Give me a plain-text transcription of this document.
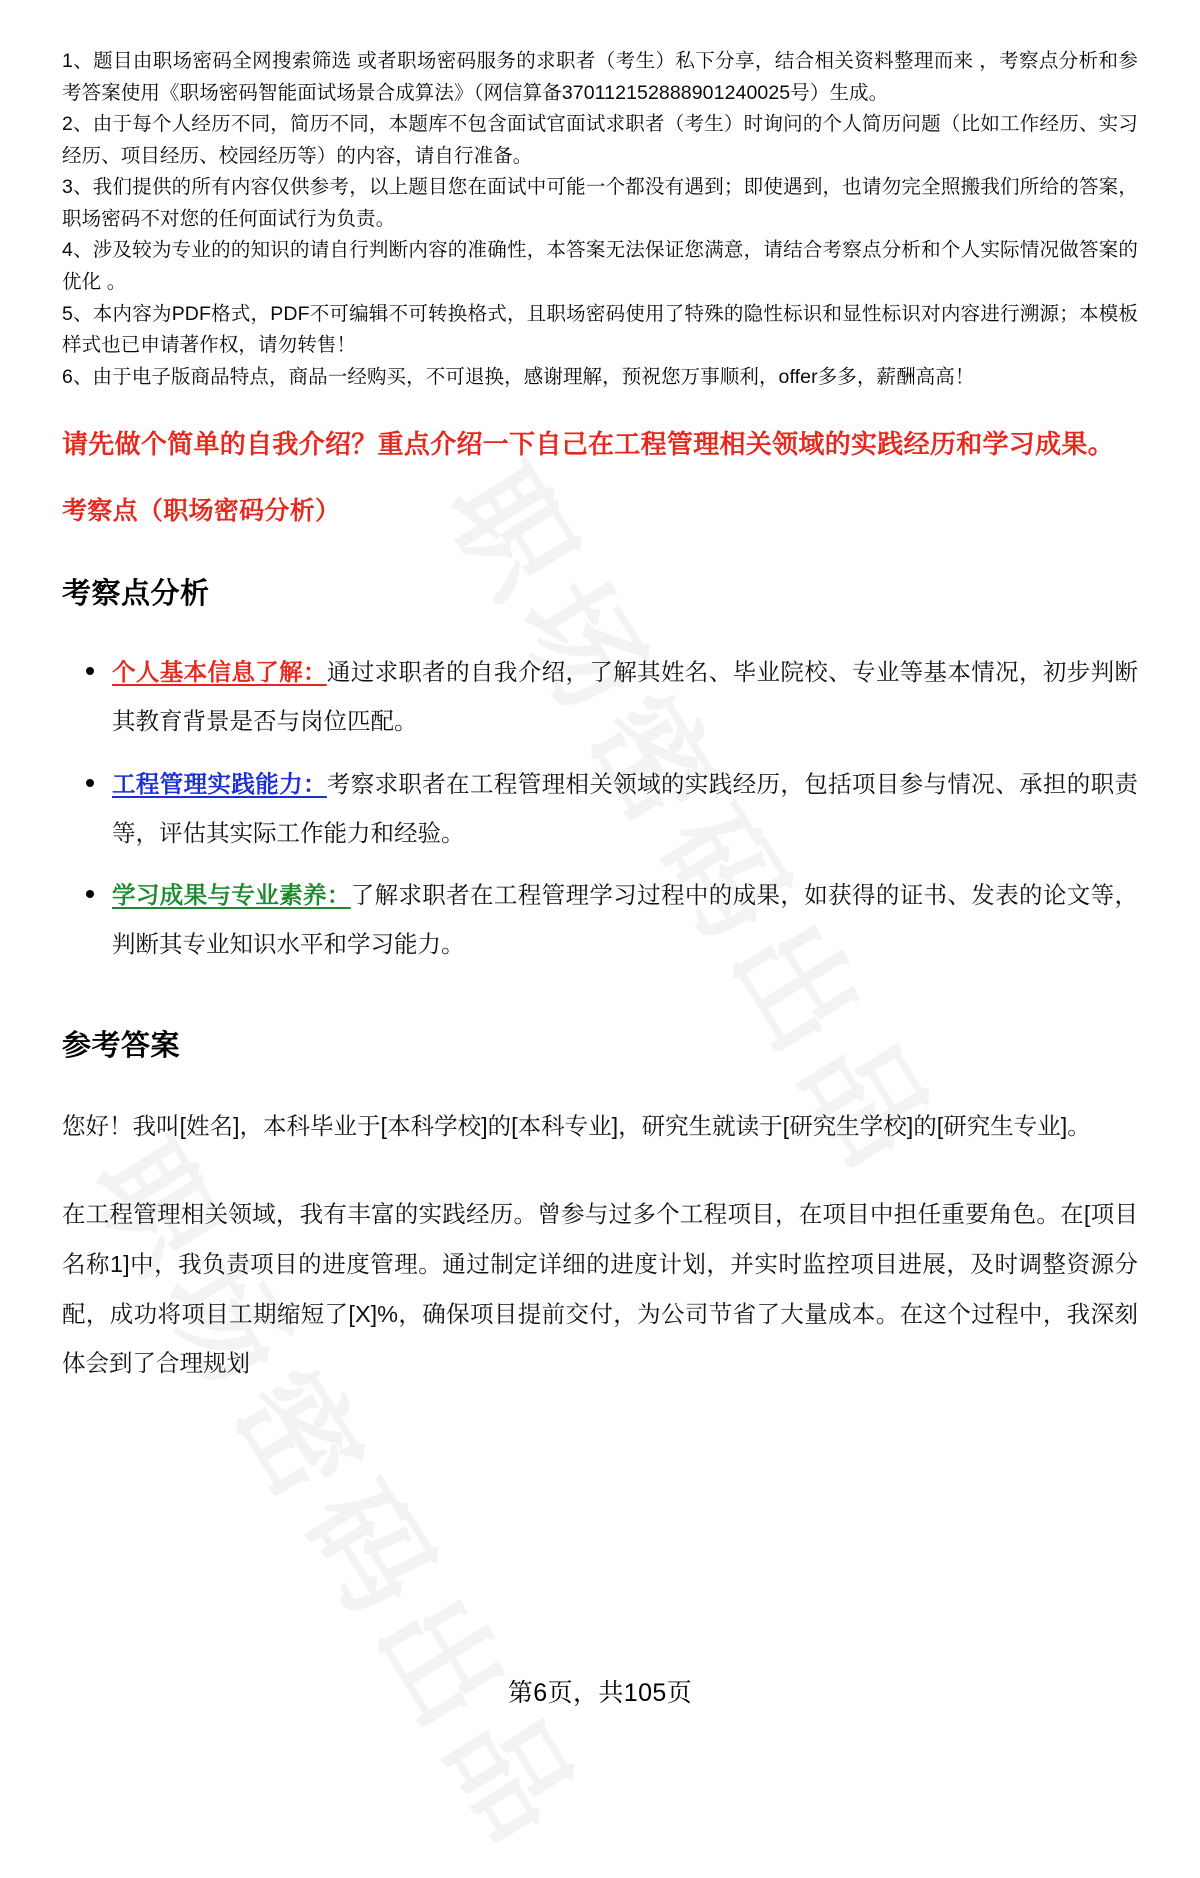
1、题目由职场密码全网搜索筛选 或者职场密码服务的求职者（考生）私下分享，结合相关资料整理而来 ，考察点分析和参考答案使用《职场密码智能面试场景合成算法》（网信算备370112152888901240025号）生成。

2、由于每个人经历不同，简历不同，本题库不包含面试官面试求职者（考生）时询问的个人简历问题（比如工作经历、实习经历、项目经历、校园经历等）的内容，请自行准备。

3、我们提供的所有内容仅供参考，以上题目您在面试中可能一个都没有遇到；即使遇到，也请勿完全照搬我们所给的答案，职场密码不对您的任何面试行为负责。

4、涉及较为专业的的知识的请自行判断内容的准确性，本答案无法保证您满意，请结合考察点分析和个人实际情况做答案的优化 。

5、本内容为PDF格式，PDF不可编辑不可转换格式，且职场密码使用了特殊的隐性标识和显性标识对内容进行溯源；本模板样式也已申请著作权，请勿转售！

6、由于电子版商品特点，商品一经购买，不可退换，感谢理解，预祝您万事顺利，offer多多，薪酬高高！

请先做个简单的自我介绍？重点介绍一下自己在工程管理相关领域的实践经历和学习成果。
考察点（职场密码分析）
考察点分析
个人基本信息了解：通过求职者的自我介绍，了解其姓名、毕业院校、专业等基本情况，初步判断其教育背景是否与岗位匹配。
工程管理实践能力：考察求职者在工程管理相关领域的实践经历，包括项目参与情况、承担的职责等，评估其实际工作能力和经验。
学习成果与专业素养：了解求职者在工程管理学习过程中的成果，如获得的证书、发表的论文等，判断其专业知识水平和学习能力。
参考答案
您好！我叫[姓名]，本科毕业于[本科学校]的[本科专业]，研究生就读于[研究生学校]的[研究生专业]。
在工程管理相关领域，我有丰富的实践经历。曾参与过多个工程项目，在项目中担任重要角色。在[项目名称1]中，我负责项目的进度管理。通过制定详细的进度计划，并实时监控项目进展，及时调整资源分配，成功将项目工期缩短了[X]%，确保项目提前交付，为公司节省了大量成本。在这个过程中，我深刻体会到了合理规划
第6页，共105页
